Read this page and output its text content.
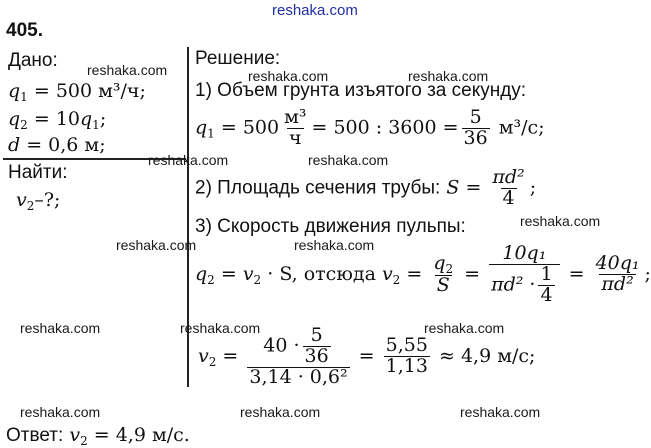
reshaka.com
405.
Дано: reshaka.com
$q_1 = 500$ м³/ч;
$q_2 = 10q_1$;
d = 0,6 м;
Найти:
reshaka.com
$v_2-$?;
Решение:
reshaka.com	reshaka.com
1) Объем грунта изъятого за секунду:
$q_1 = 500 \frac{\text{м³}}{ч} = 500$ : $3600 = \frac{5}{36} м^3/с$;
reshaka.com
2) Площадь сечения трубы: $S = \frac{\text{πd²}}{4}$ ;
3) Скорость движения пульпы:	reshaka.com
reshaka.com	reshaka.com
$q_2 = v_2 \cdot S$, отсюда $v_2 = \frac{q_2}{S} = \frac{\text{10q₁}}{\pi d^2 \cdot \frac{1}{4}} = \frac{\text{40q₁}}{\text{πd²}}$ ;
reshaka.com	reshaka.com	reshaka.com
$v_2 = \frac{40 \cdot \frac{5}{36}}{\text{3,14 · 0,6²}} = \frac{5,55}{1,13} \approx 4,9$ м/с;
reshaka.com	reshaka.com	reshaka.com
Ответ: $v_2 = 4,9$ м/с.
